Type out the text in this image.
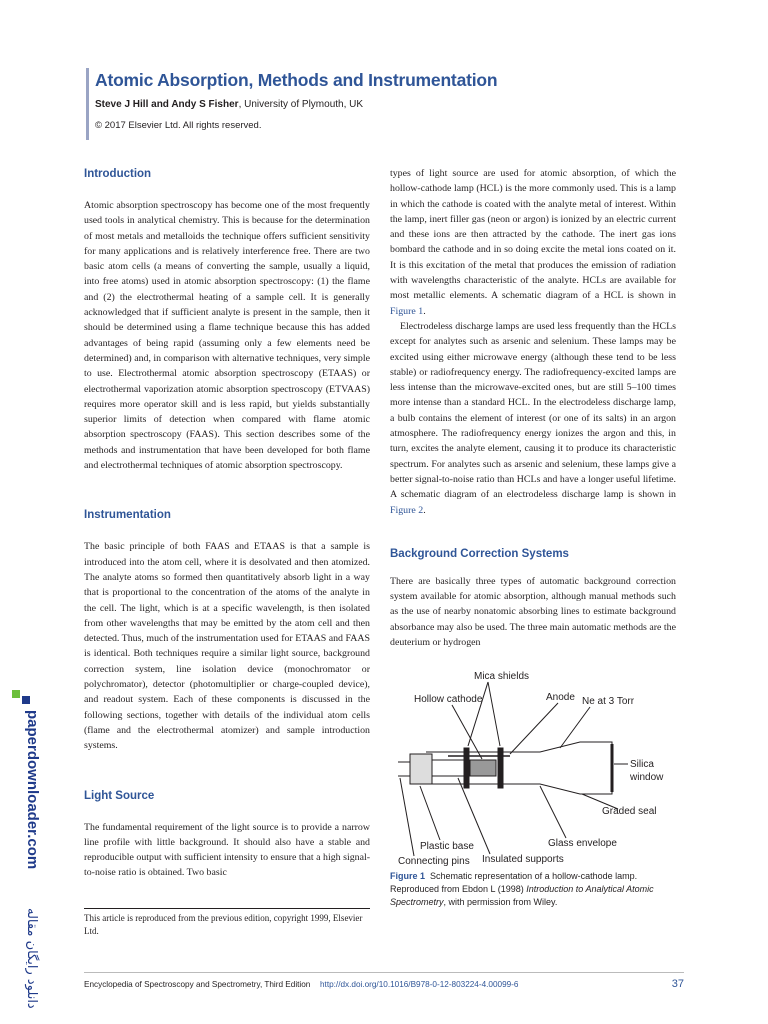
Atomic Absorption, Methods and Instrumentation
Steve J Hill and Andy S Fisher, University of Plymouth, UK
© 2017 Elsevier Ltd. All rights reserved.
Introduction

Atomic absorption spectroscopy has become one of the most frequently used tools in analytical chemistry. This is because for the determination of most metals and metalloids the technique offers sufficient sensitivity for many applications and is relatively interference free. There are two basic atom cells (a means of converting the sample, usually a liquid, into free atoms) used in atomic absorption spectroscopy: (1) the flame and (2) the electrothermal heating of a sample cell. It is generally acknowledged that if sufficient analyte is present in the sample, then it should be determined using a flame technique because this has added advantages of being rapid (assuming only a few elements need be determined) and, in comparison with alternative techniques, very simple to use. Electrothermal atomic absorption spectroscopy (ETAAS) or electrothermal vaporization atomic absorption spectroscopy (ETVAAS) requires more operator skill and is less rapid, but yields substantially superior limits of detection when compared with flame atomic absorption spectroscopy (FAAS). This section describes some of the methods and instrumentation that have been developed for both flame and electrothermal techniques of atomic absorption spectroscopy.

Instrumentation

The basic principle of both FAAS and ETAAS is that a sample is introduced into the atom cell, where it is desolvated and then atomized. The analyte atoms so formed then quantitatively absorb light in a way that is proportional to the concentration of the atoms of the analyte in the cell. The light, which is at a specific wavelength, is then isolated from other wavelengths that may be emitted by the atom cell and then detected. Thus, much of the instrumentation used for ETAAS and FAAS is identical. Both techniques require a similar light source, background correction system, line isolation device (monochromator or polychromator), detector (photomultiplier or charge-coupled device), and readout system. Each of these components is discussed in the following sections, together with details of the individual atom cells (flame and the electrothermal atomizer) and sample introduction systems.

Light Source

The fundamental requirement of the light source is to provide a narrow line profile with little background. It should also have a stable and reproducible output with sufficient intensity to ensure that a high signal-to-noise ratio is obtained. Two basic

types of light source are used for atomic absorption, of which the hollow-cathode lamp (HCL) is the more commonly used. This is a lamp in which the cathode is coated with the analyte metal of interest. Within the lamp, inert filler gas (neon or argon) is ionized by an electric current and these ions are then attracted by the cathode. The inert gas ions bombard the cathode and in so doing excite the metal ions coated on it. It is this excitation of the metal that produces the emission of radiation with wavelengths characteristic of the analyte. HCLs are available for most metallic elements. A schematic diagram of a HCL is shown in Figure 1.

Electrodeless discharge lamps are used less frequently than the HCLs except for analytes such as arsenic and selenium. These lamps may be excited using either microwave energy (although these tend to be less stable) or radiofrequency energy. The radiofrequency-excited lamps are less intense than the microwave-excited ones, but are still 5–100 times more intense than a standard HCL. In the electrodeless discharge lamp, a bulb contains the element of interest (or one of its salts) in an argon atmosphere. The radiofrequency energy ionizes the argon and this, in turn, excites the analyte element, causing it to produce its characteristic spectrum. For analytes such as arsenic and selenium, these lamps give a better signal-to-noise ratio than HCLs and have a longer useful lifetime. A schematic diagram of an electrodeless discharge lamp is shown in Figure 2.

Background Correction Systems

There are basically three types of automatic background correction system available for atomic absorption, although manual methods such as the use of nearby nonatomic absorbing lines to estimate background absorbance may also be used. The three main automatic methods are the deuterium or hydrogen

Mica shields
Hollow cathode	Anode Ne at 3 Torr
Silica
window
Graded seal
Plastic base	Glass envelope
Connecting pins Insulated supports
Figure 1 Schematic representation of a hollow-cathode lamp. Reproduced from Ebdon L (1998) Introduction to Analytical Atomic Spectrometry, with permission from Wiley.
This article is reproduced from the previous edition, copyright 1999, Elsevier Ltd.
Encyclopedia of Spectroscopy and Spectrometry, Third Edition http://dx.doi.org/10.1016/B978-0-12-803224-4.00099-6	37
paperdownloader.com
دانلود رایگان مقاله
